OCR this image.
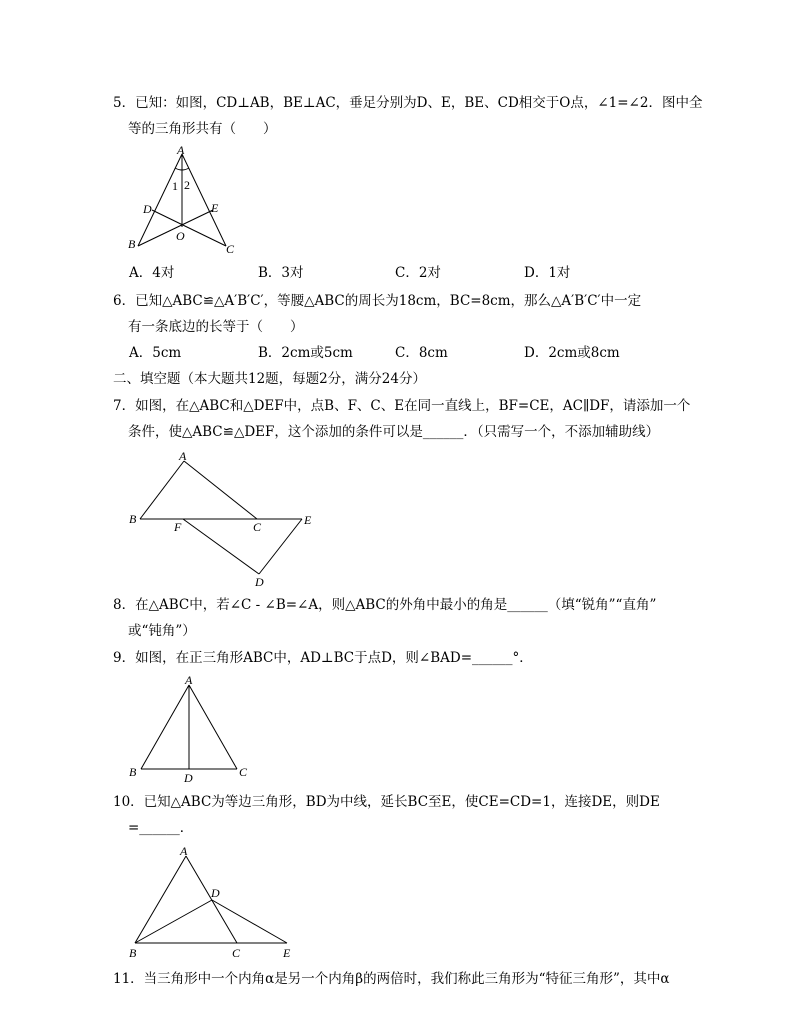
5．已知：如图，CD⊥AB，BE⊥AC，垂足分别为D、E，BE、CD相交于O点，∠1=∠2．图中全
等的三角形共有（　　）
A
B	C
D	E
O
1 2
A．4对	B．3对	C．2对	D．1对
6．已知△ABC≌△A′B′C′，等腰△ABC的周长为18cm，BC=8cm，那么△A′B′C′中一定
有一条底边的长等于（　　）
A．5cm	B．2cm或5cm	C．8cm	D．2cm或8cm
二、填空题（本大题共12题，每题2分，满分24分）
7．如图，在△ABC和△DEF中，点B、F、C、E在同一直线上，BF=CE，AC∥DF，请添加一个
条件，使△ABC≌△DEF，这个添加的条件可以是______．（只需写一个，不添加辅助线）
A
B
C	E
F
D
8．在△ABC中，若∠C - ∠B=∠A，则△ABC的外角中最小的角是______（填“锐角”“直角”
或“钝角”）
9．如图，在正三角形ABC中，AD⊥BC于点D，则∠BAD=______°．
A
B	D	C
10．已知△ABC为等边三角形，BD为中线，延长BC至E，使CE=CD=1，连接DE，则DE
=______．
A
B	C
D
E
11．当三角形中一个内角α是另一个内角β的两倍时，我们称此三角形为“特征三角形”，其中α
